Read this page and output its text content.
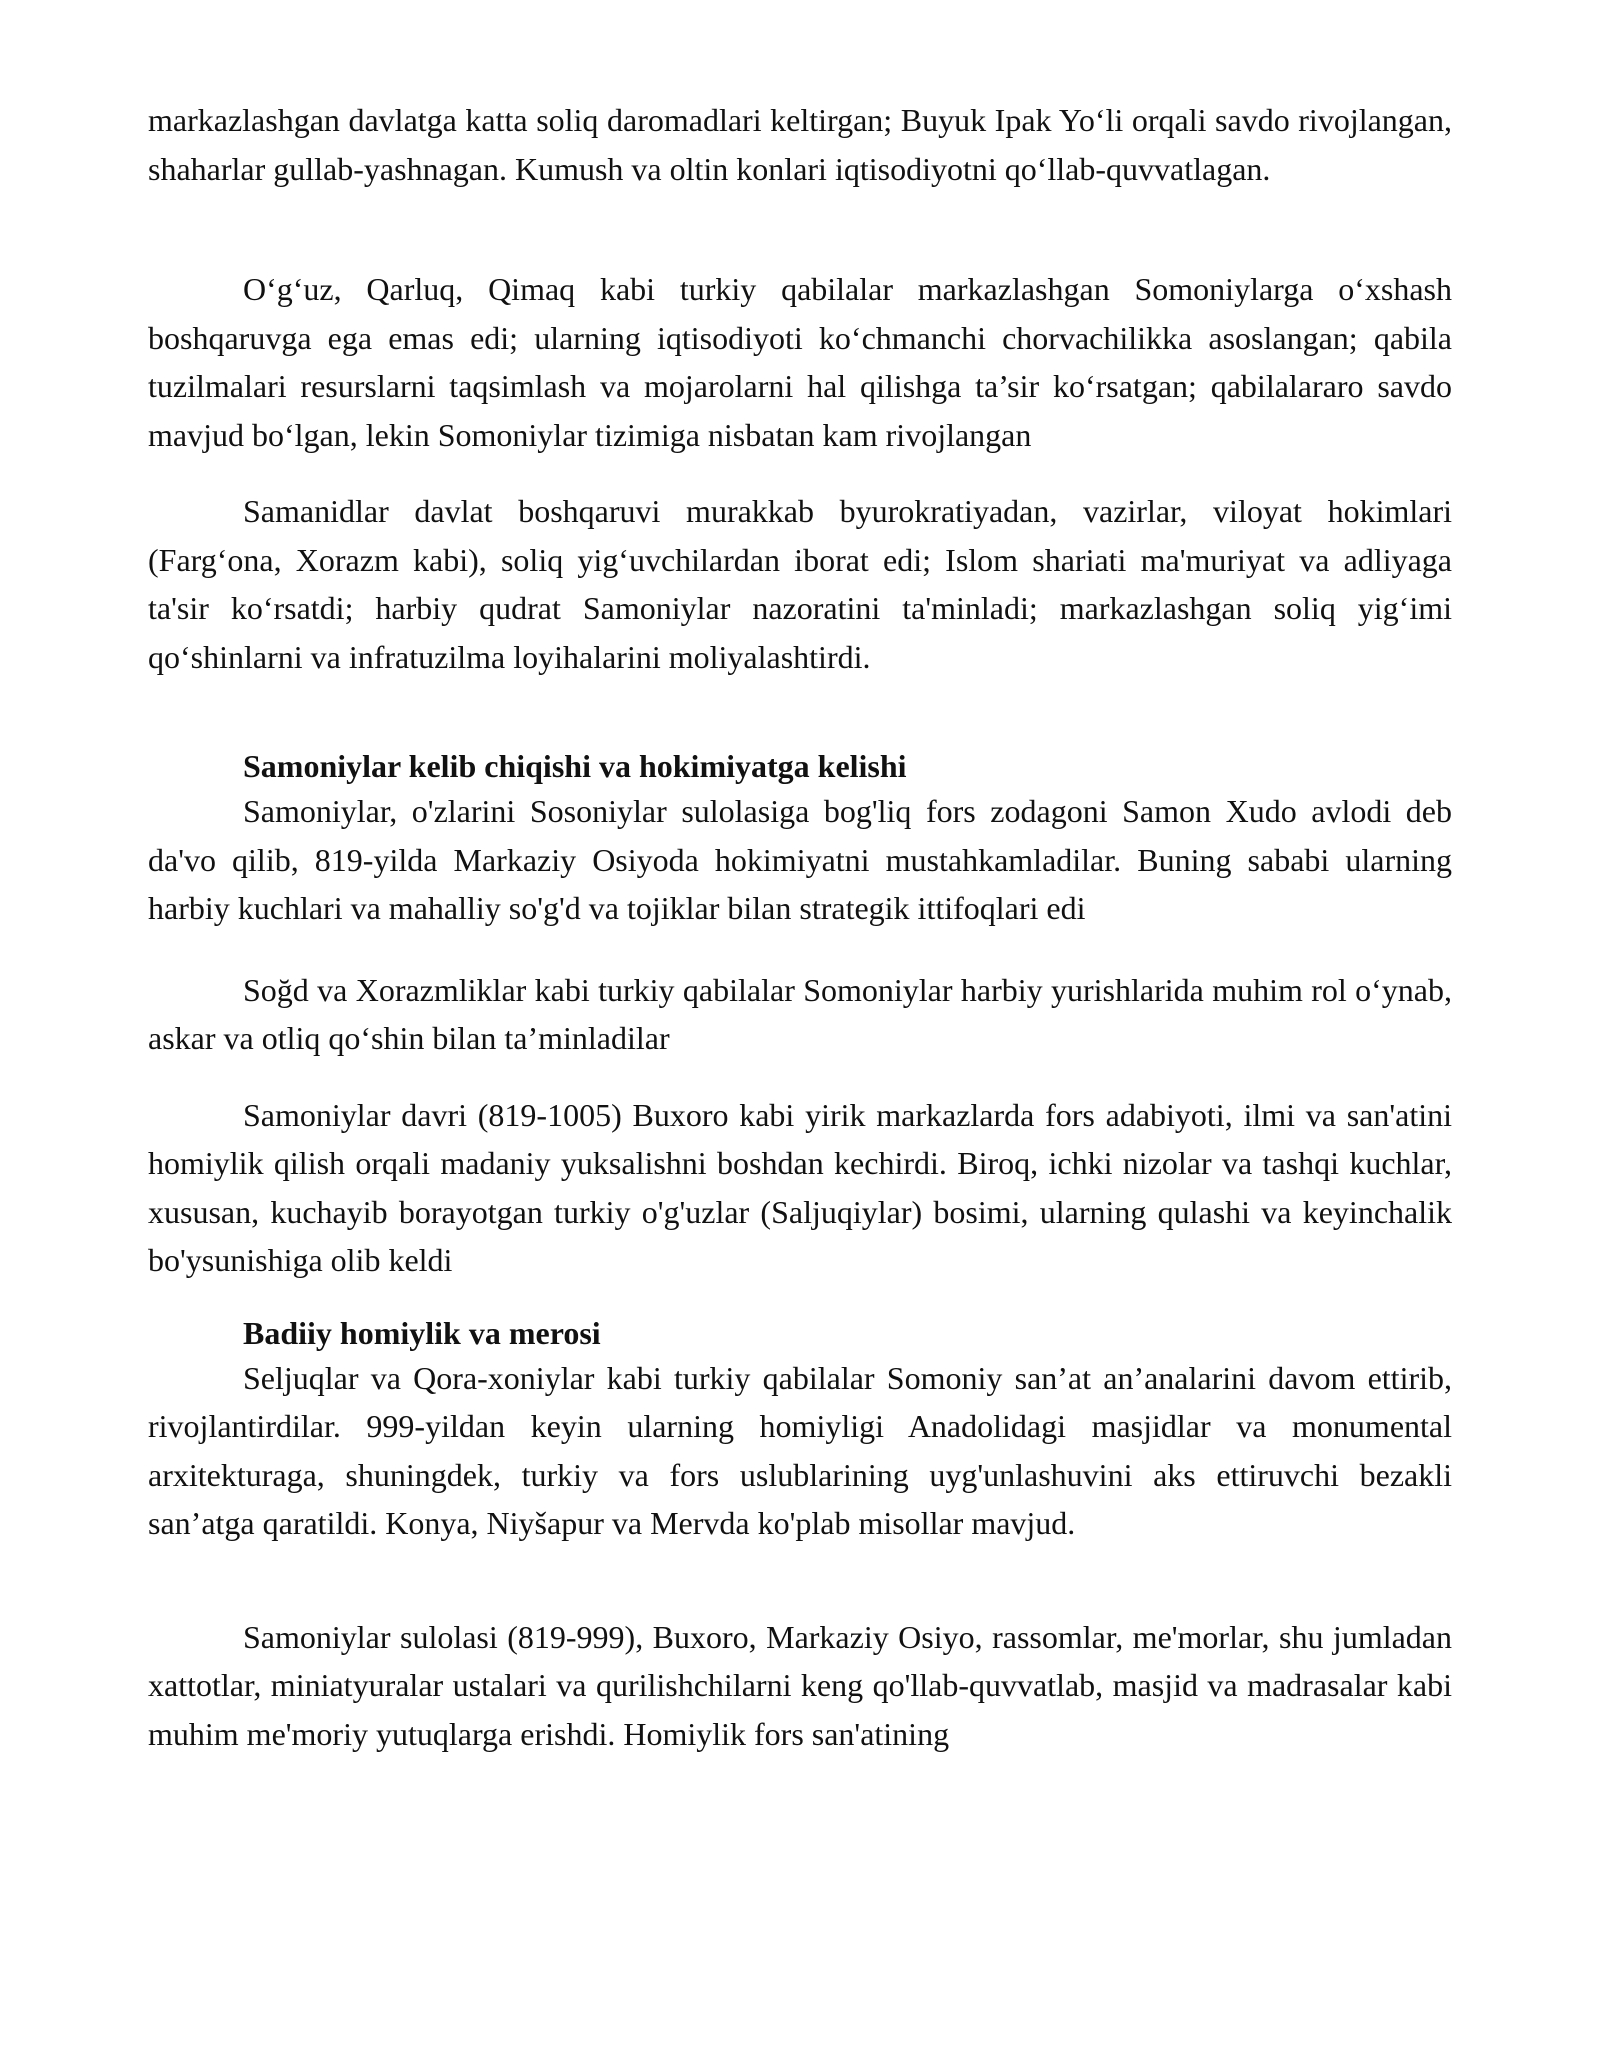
markazlashgan davlatga katta soliq daromadlari keltirgan; Buyuk Ipak Yo‘li orqali savdo rivojlangan, shaharlar gullab-yashnagan. Kumush va oltin konlari iqtisodiyotni qo‘llab-quvvatlagan.

O‘g‘uz, Qarluq, Qimaq kabi turkiy qabilalar markazlashgan Somoniylarga o‘xshash boshqaruvga ega emas edi; ularning iqtisodiyoti ko‘chmanchi chorvachilikka asoslangan; qabila tuzilmalari resurslarni taqsimlash va mojarolarni hal qilishga ta’sir ko‘rsatgan; qabilalararo savdo mavjud bo‘lgan, lekin Somoniylar tizimiga nisbatan kam rivojlangan

Samanidlar davlat boshqaruvi murakkab byurokratiyadan, vazirlar, viloyat hokimlari (Farg‘ona, Xorazm kabi), soliq yig‘uvchilardan iborat edi; Islom shariati ma'muriyat va adliyaga ta'sir ko‘rsatdi; harbiy qudrat Samoniylar nazoratini ta'minladi; markazlashgan soliq yig‘imi qo‘shinlarni va infratuzilma loyihalarini moliyalashtirdi.

Samoniylar kelib chiqishi va hokimiyatga kelishi

Samoniylar, o'zlarini Sosoniylar sulolasiga bog'liq fors zodagoni Samon Xudo avlodi deb da'vo qilib, 819-yilda Markaziy Osiyoda hokimiyatni mustahkamladilar. Buning sababi ularning harbiy kuchlari va mahalliy so'g'd va tojiklar bilan strategik ittifoqlari edi

Soğd va Xorazmliklar kabi turkiy qabilalar Somoniylar harbiy yurishlarida muhim rol o‘ynab, askar va otliq qo‘shin bilan ta’minladilar

Samoniylar davri (819-1005) Buxoro kabi yirik markazlarda fors adabiyoti, ilmi va san'atini homiylik qilish orqali madaniy yuksalishni boshdan kechirdi. Biroq, ichki nizolar va tashqi kuchlar, xususan, kuchayib borayotgan turkiy o'g'uzlar (Saljuqiylar) bosimi, ularning qulashi va keyinchalik bo'ysunishiga olib keldi

Badiiy homiylik va merosi

Seljuqlar va Qora-xoniylar kabi turkiy qabilalar Somoniy san’at an’analarini davom ettirib, rivojlantirdilar. 999-yildan keyin ularning homiyligi Anadolidagi masjidlar va monumental arxitekturaga, shuningdek, turkiy va fors uslublarining uyg'unlashuvini aks ettiruvchi bezakli san’atga qaratildi. Konya, Niyšapur va Mervda ko'plab misollar mavjud.

Samoniylar sulolasi (819-999), Buxoro, Markaziy Osiyo, rassomlar, me'morlar, shu jumladan xattotlar, miniatyuralar ustalari va qurilishchilarni keng qo'llab-quvvatlab, masjid va madrasalar kabi muhim me'moriy yutuqlarga erishdi. Homiylik fors san'atining
